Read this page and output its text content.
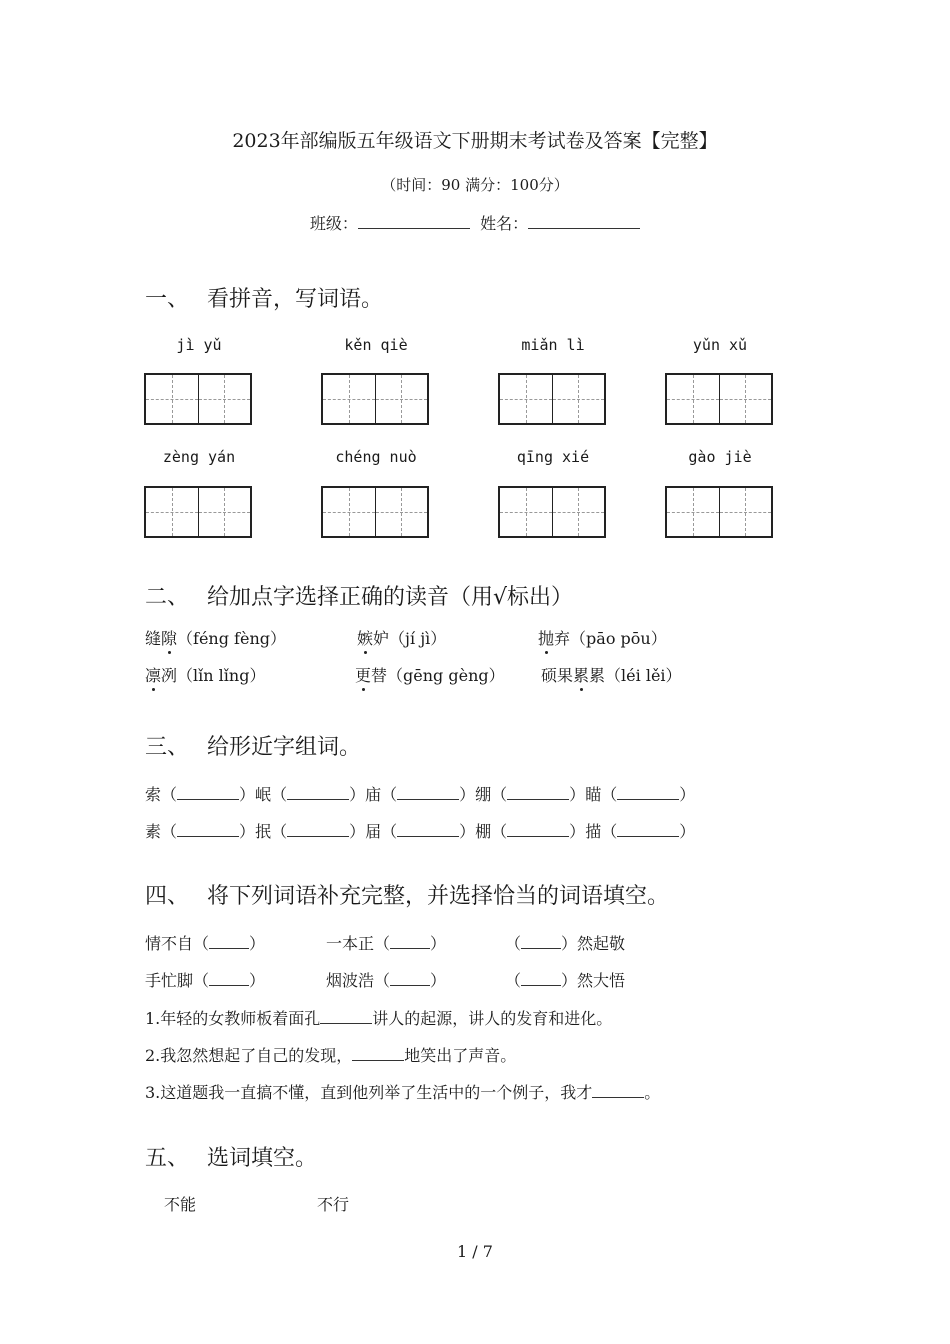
2023年部编版五年级语文下册期末考试卷及答案【完整】
（时间：90 满分：100分）
班级：	姓名：
一、 看拼音，写词语。
jì yǔ	kěn qiè	miǎn lì	yǔn xǔ
zèng yán	chéng nuò	qīng xié	gào jiè
二、 给加点字选择正确的读音（用√标出）
缝隙（féng fèng）	嫉妒（jí jì）	抛弃（pāo pōu）
凛冽（lǐn lǐng）	更替（gēng gèng） 硕果累累（léi lěi）
三、 给形近字组词。
索（	）岷（	）庙（	）绷（	）瞄（	）
素（	）抿（	）届（	）棚（	）描（	）
四、 将下列词语补充完整，并选择恰当的词语填空。
情不自（	）	一本正（	）	（	）然起敬
手忙脚（	）	烟波浩（	）	（	）然大悟
1.年轻的女教师板着面孔	讲人的起源，讲人的发育和进化。
2.我忽然想起了自己的发现，	地笑出了声音。
3.这道题我一直搞不懂，直到他列举了生活中的一个例子，我才	。
五、 选词填空。
不能	不行
1 / 7
